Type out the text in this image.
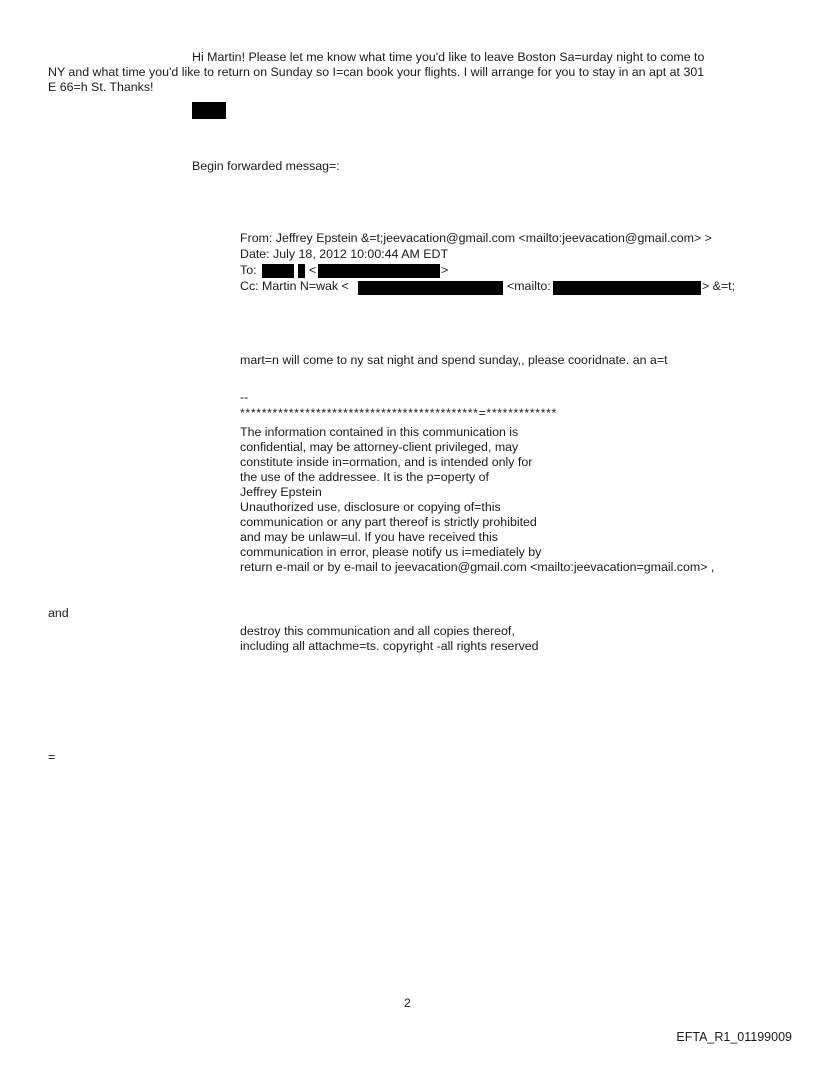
Hi Martin! Please let me know what time you'd like to leave Boston Sa=urday night to come to
NY and what time you'd like to return on Sunday so I=can book your flights. I will arrange for you to stay in an apt at 301
E 66=h St. Thanks!
Begin forwarded messag=:
From: Jeffrey Epstein &=t;jeevacation@gmail.com <mailto:jeevacation@gmail.com> >
Date: July 18, 2012 10:00:44 AM EDT
To:	<	>
Cc: Martin N=wak <	<mailto:	> &=t;
mart=n will come to ny sat night and spend sunday,, please cooridnate. an a=t
--
********************************************=*************
The information contained in this communication is
confidential, may be attorney-client privileged, may
constitute inside in=ormation, and is intended only for
the use of the addressee. It is the p=operty of
Jeffrey Epstein
Unauthorized use, disclosure or copying of=this
communication or any part thereof is strictly prohibited
and may be unlaw=ul. If you have received this
communication in error, please notify us i=mediately by
return e-mail or by e-mail to jeevacation@gmail.com <mailto:jeevacation=gmail.com> ,
and
destroy this communication and all copies thereof,
including all attachme=ts. copyright -all rights reserved
=
2
EFTA_R1_01199009
